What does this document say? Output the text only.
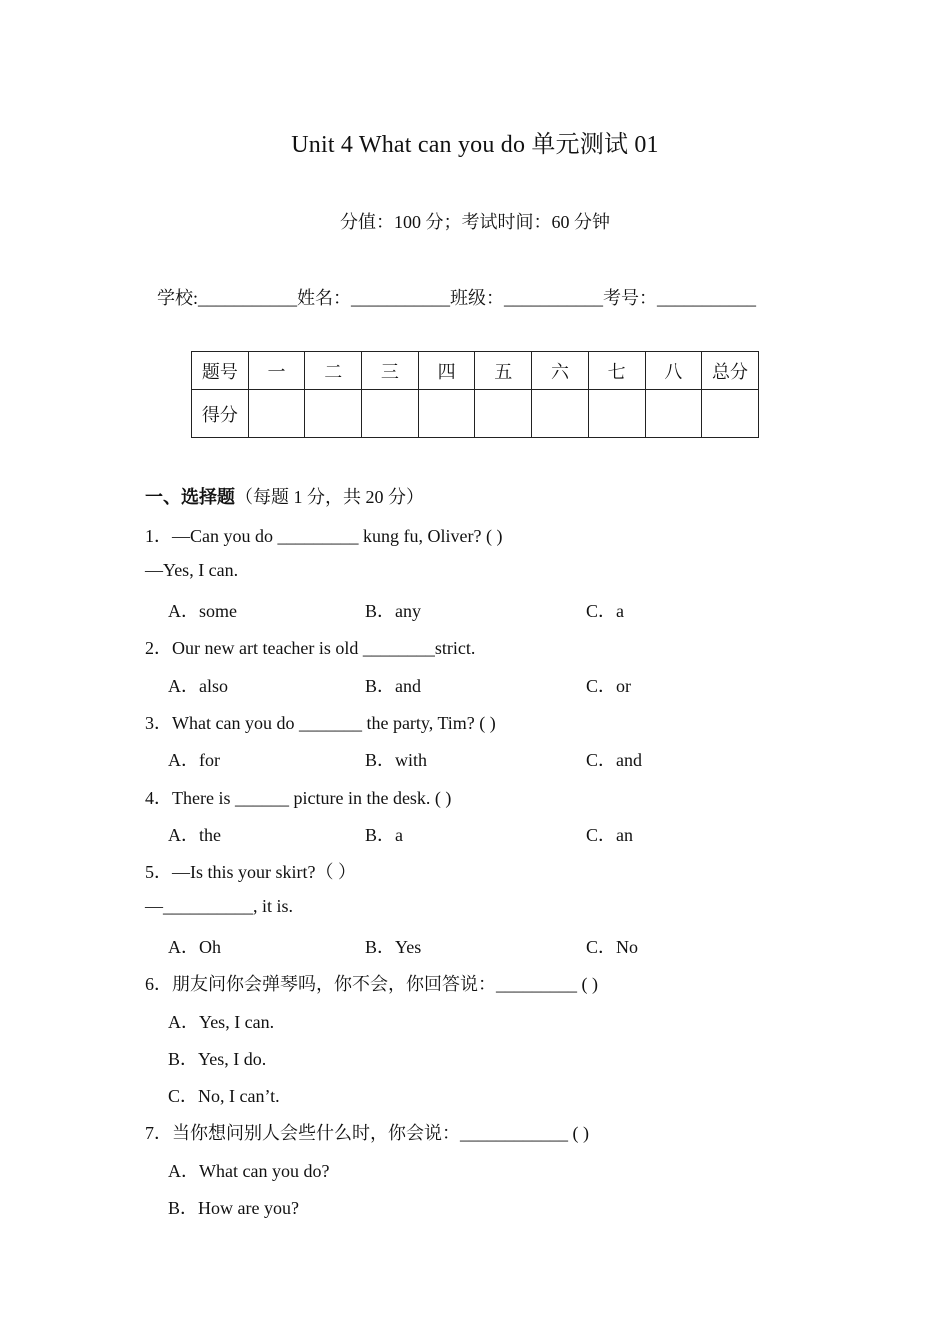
Unit 4 What can you do 单元测试 01
分值：100 分；考试时间：60 分钟
学校:___________姓名：___________班级：___________考号：___________
题号	一	二	三	四	五	六	七	八	总分
得分									
一、选择题（每题 1 分，共 20 分）
1．—Can you do _________ kung fu, Oliver? ( )
—Yes, I can.
A．some	B．any	C．a
2．Our new art teacher is old ________strict.
A．also	B．and	C．or
3．What can you do _______ the party, Tim? ( )
A．for	B．with	C．and
4．There is ______ picture in the desk. ( )
A．the	B．a	C．an
5．—Is this your skirt?（ ）
—__________, it is.
A．Oh	B．Yes	C．No
6．朋友问你会弹琴吗，你不会，你回答说：_________ ( )
A．Yes, I can.
B．Yes, I do.
C．No, I can’t.
7．当你想问别人会些什么时，你会说：____________ ( )
A．What can you do?
B．How are you?
